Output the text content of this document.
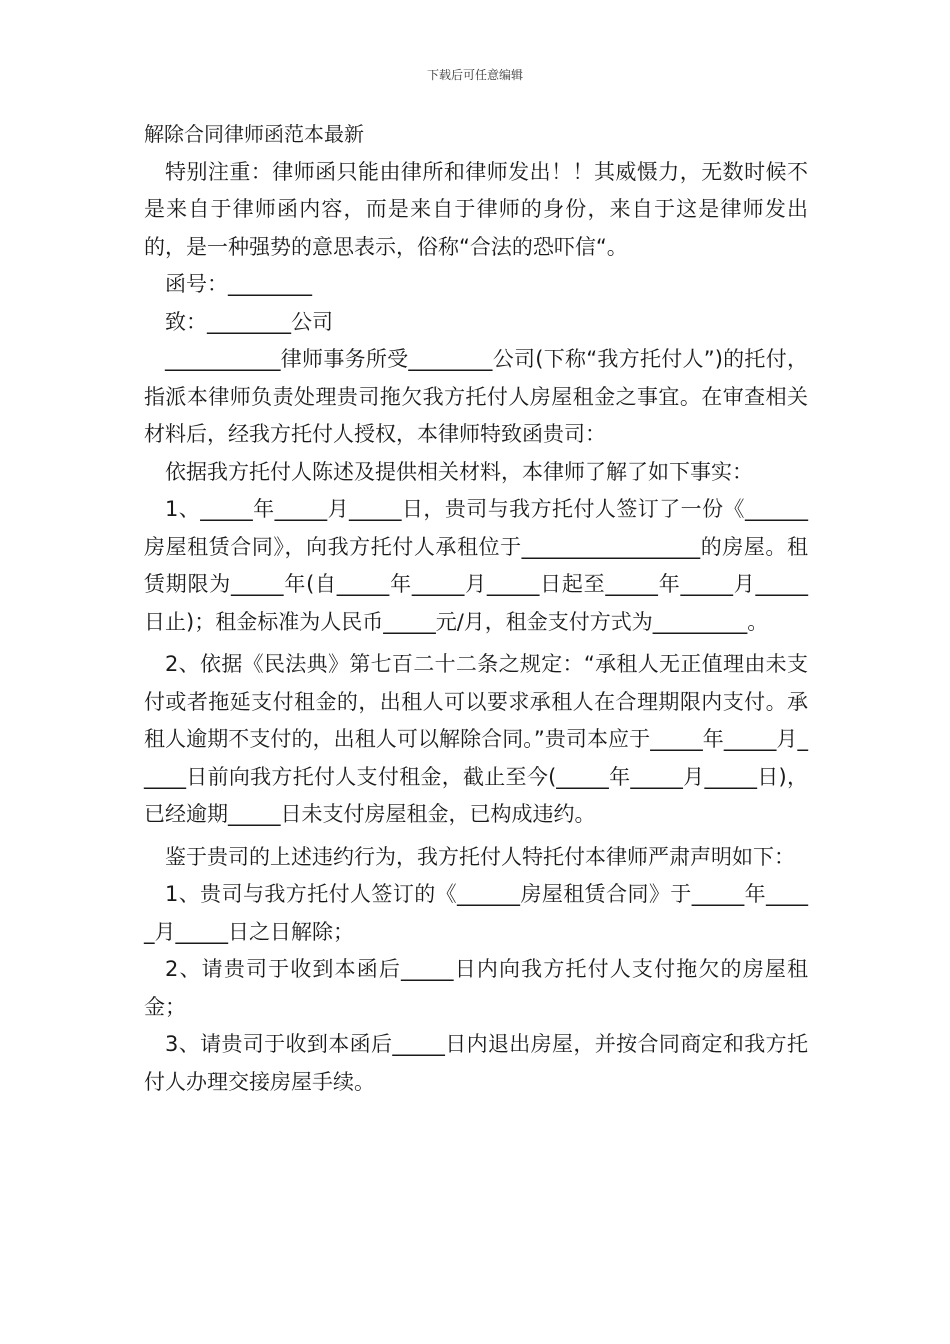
下载后可任意编辑
解除合同律师函范本最新

特别注重：律师函只能由律所和律师发出！！其威慑力，无数时候不是来自于律师函内容，而是来自于律师的身份，来自于这是律师发出的，是一种强势的意思表示，俗称“合法的恐吓信“。

函号：________

致：________公司

___________律师事务所受________公司(下称“我方托付人”)的托付，指派本律师负责处理贵司拖欠我方托付人房屋租金之事宜。在审查相关材料后，经我方托付人授权，本律师特致函贵司：

依据我方托付人陈述及提供相关材料，本律师了解了如下事实：

1、_____年_____月_____日，贵司与我方托付人签订了一份《______房屋租赁合同》，向我方托付人承租位于_________________的房屋。租赁期限为_____年(自_____年_____月_____日起至_____年_____月_____日止)；租金标准为人民币_____元/月，租金支付方式为_________。

2、依据《民法典》第七百二十二条之规定：“承租人无正值理由未支付或者拖延支付租金的，出租人可以要求承租人在合理期限内支付。承租人逾期不支付的，出租人可以解除合同。”贵司本应于_____年_____月_____日前向我方托付人支付租金，截止至今(_____年_____月_____日)，已经逾期_____日未支付房屋租金，已构成违约。

鉴于贵司的上述违约行为，我方托付人特托付本律师严肃声明如下：

1、贵司与我方托付人签订的《______房屋租赁合同》于_____年_____月_____日之日解除；

2、请贵司于收到本函后_____日内向我方托付人支付拖欠的房屋租金；

3、请贵司于收到本函后_____日内退出房屋，并按合同商定和我方托付人办理交接房屋手续。
